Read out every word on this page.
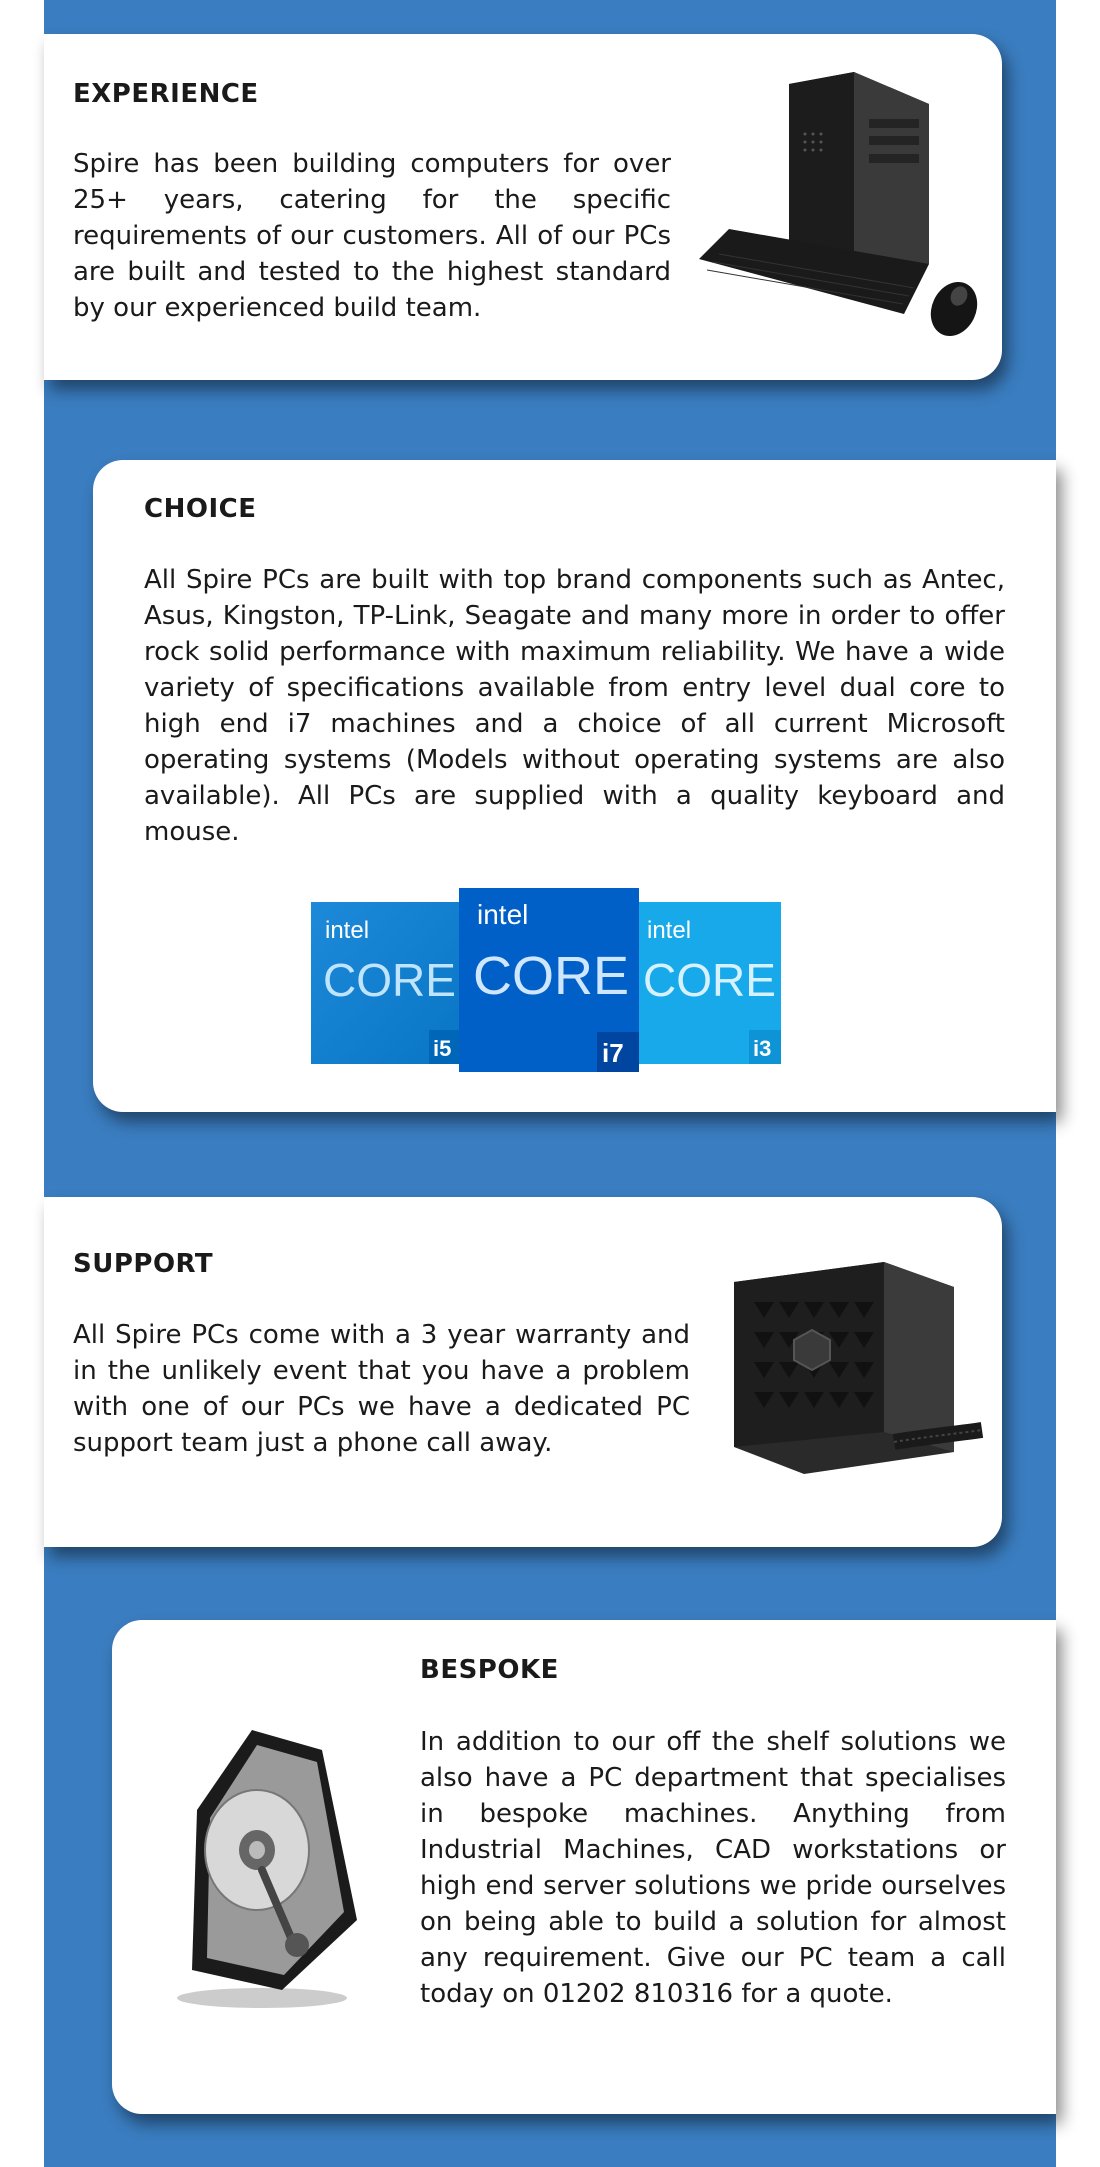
EXPERIENCE

Spire has been building computers for over 25+ years, catering for the specific requirements of our customers. All of our PCs are built and tested to the highest standard by our experienced build team.

CHOICE

All Spire PCs are built with top brand components such as Antec, Asus, Kingston, TP-Link, Seagate and many more in order to offer rock solid performance with maximum reliability. We have a wide variety of specifications available from entry level dual core to high end i7 machines and a choice of all current Microsoft operating systems (Models without operating systems are also available). All PCs are supplied with a quality keyboard and mouse.

intel
CORE
i5
intel
CORE
i3
intel
CORE
i7
SUPPORT

All Spire PCs come with a 3 year warranty and in the unlikely event that you have a problem with one of our PCs we have a dedicated PC support team just a phone call away.

BESPOKE

In addition to our off the shelf solutions we also have a PC department that specialises in bespoke machines. Anything from Industrial Machines, CAD workstations or high end server solutions we pride ourselves on being able to build a solution for almost any requirement. Give our PC team a call today on 01202 810316 for a quote.
